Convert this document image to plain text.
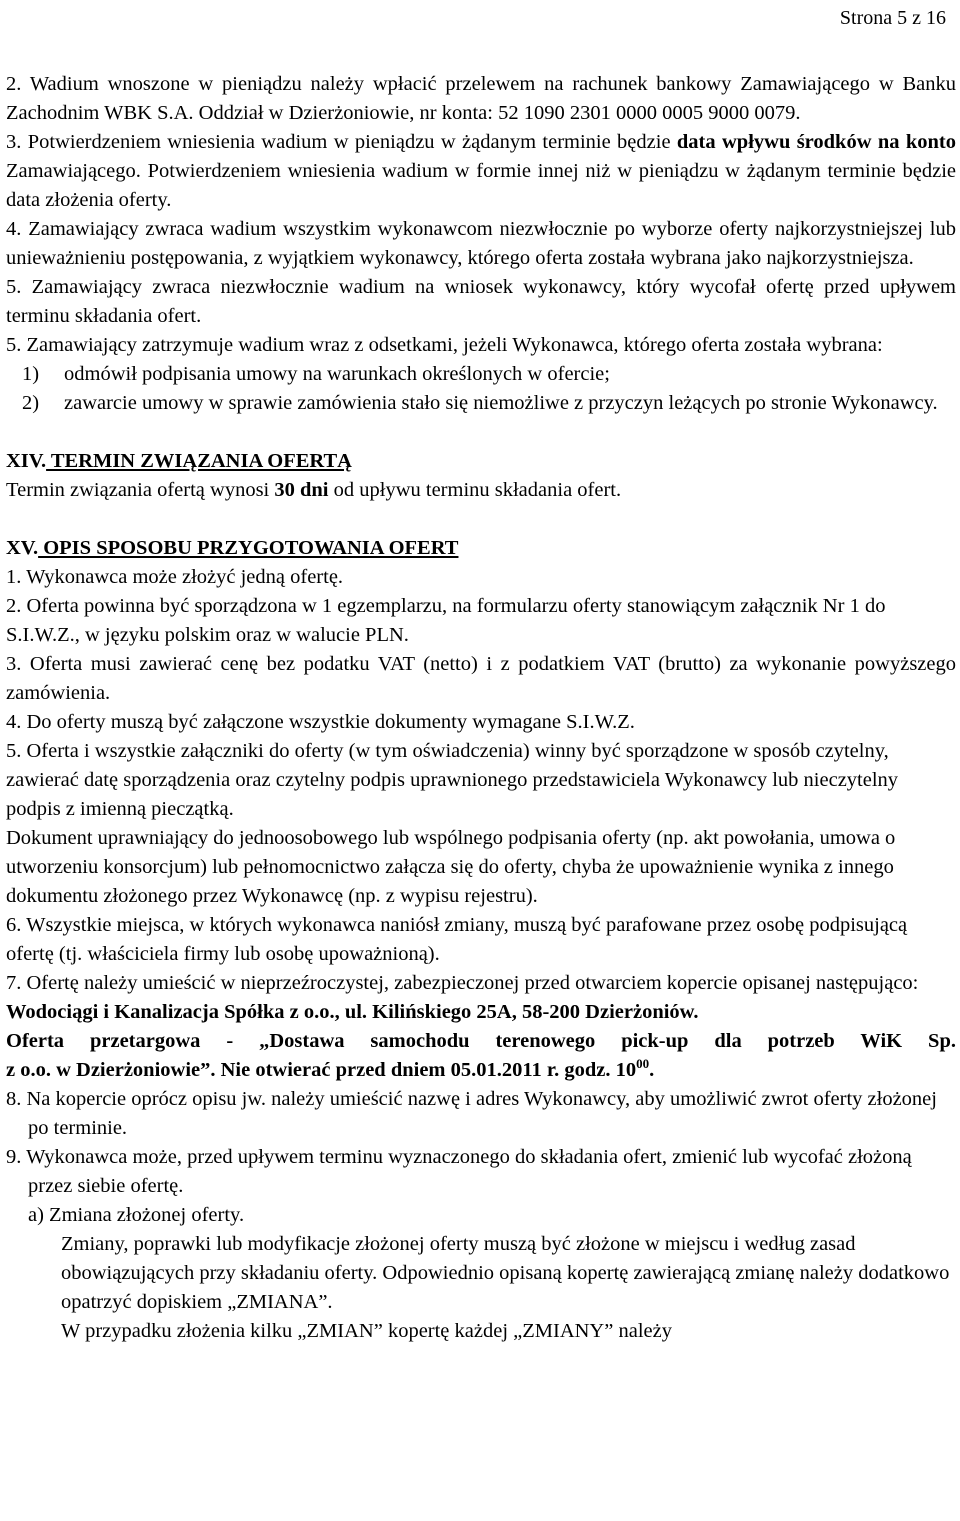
Strona 5 z 16

2. Wadium wnoszone w pieniądzu należy wpłacić przelewem na rachunek bankowy Zamawiającego w Banku Zachodnim WBK S.A. Oddział w Dzierżoniowie, nr konta: 52 1090 2301 0000 0005 9000 0079.

3. Potwierdzeniem wniesienia wadium w pieniądzu w żądanym terminie będzie data wpływu środków na konto Zamawiającego. Potwierdzeniem wniesienia wadium w formie innej niż w pieniądzu w żądanym terminie będzie data złożenia oferty.

4. Zamawiający zwraca wadium wszystkim wykonawcom niezwłocznie po wyborze oferty najkorzystniejszej lub unieważnieniu postępowania, z wyjątkiem wykonawcy, którego oferta została wybrana jako najkorzystniejsza.

5. Zamawiający zwraca niezwłocznie wadium na wniosek wykonawcy, który wycofał ofertę przed upływem terminu składania ofert.

5. Zamawiający zatrzymuje wadium wraz z odsetkami, jeżeli Wykonawca, którego oferta została wybrana:

1)	odmówił podpisania umowy na warunkach określonych w ofercie;
2)	zawarcie umowy w sprawie zamówienia stało się niemożliwe z przyczyn leżących po stronie Wykonawcy.

XIV. TERMIN ZWIĄZANIA OFERTĄ

Termin związania ofertą wynosi 30 dni od upływu terminu składania ofert.

XV. OPIS SPOSOBU PRZYGOTOWANIA OFERT

1. Wykonawca może złożyć jedną ofertę.

2. Oferta powinna być sporządzona w 1 egzemplarzu, na formularzu oferty stanowiącym załącznik Nr 1 do S.I.W.Z., w języku polskim oraz w walucie PLN.

3. Oferta musi zawierać cenę bez podatku VAT (netto) i z podatkiem VAT (brutto) za wykonanie powyższego zamówienia.

4. Do oferty muszą być załączone wszystkie dokumenty wymagane S.I.W.Z.

5. Oferta i wszystkie załączniki do oferty (w tym oświadczenia) winny być sporządzone w sposób czytelny, zawierać datę sporządzenia oraz czytelny podpis uprawnionego przedstawiciela Wykonawcy lub nieczytelny podpis z imienną pieczątką.

Dokument uprawniający do jednoosobowego lub wspólnego podpisania oferty (np. akt powołania, umowa o utworzeniu konsorcjum) lub pełnomocnictwo załącza się do oferty, chyba że upoważnienie wynika z innego dokumentu złożonego przez Wykonawcę (np. z wypisu rejestru).

6. Wszystkie miejsca, w których wykonawca naniósł zmiany, muszą być parafowane przez osobę podpisującą ofertę (tj. właściciela firmy lub osobę upoważnioną).

7. Ofertę należy umieścić w nieprzeźroczystej, zabezpieczonej przed otwarciem kopercie opisanej następująco:

Wodociągi i Kanalizacja Spółka z o.o., ul. Kilińskiego 25A, 58-200 Dzierżoniów.

Oferta przetargowa - „Dostawa samochodu terenowego pick-up dla potrzeb WiK Sp.

z o.o. w Dzierżoniowie”. Nie otwierać przed dniem 05.01.2011 r. godz. $10^{00}$.

8. Na kopercie oprócz opisu jw. należy umieścić nazwę i adres Wykonawcy, aby umożliwić zwrot oferty złożonej po terminie.

9. Wykonawca może, przed upływem terminu wyznaczonego do składania ofert, zmienić lub wycofać złożoną przez siebie ofertę.

a) Zmiana złożonej oferty.

Zmiany, poprawki lub modyfikacje złożonej oferty muszą być złożone w miejscu i według zasad obowiązujących przy składaniu oferty. Odpowiednio opisaną kopertę zawierającą zmianę należy dodatkowo opatrzyć dopiskiem „ZMIANA”.

W przypadku złożenia kilku „ZMIAN” kopertę każdej „ZMIANY” należy
